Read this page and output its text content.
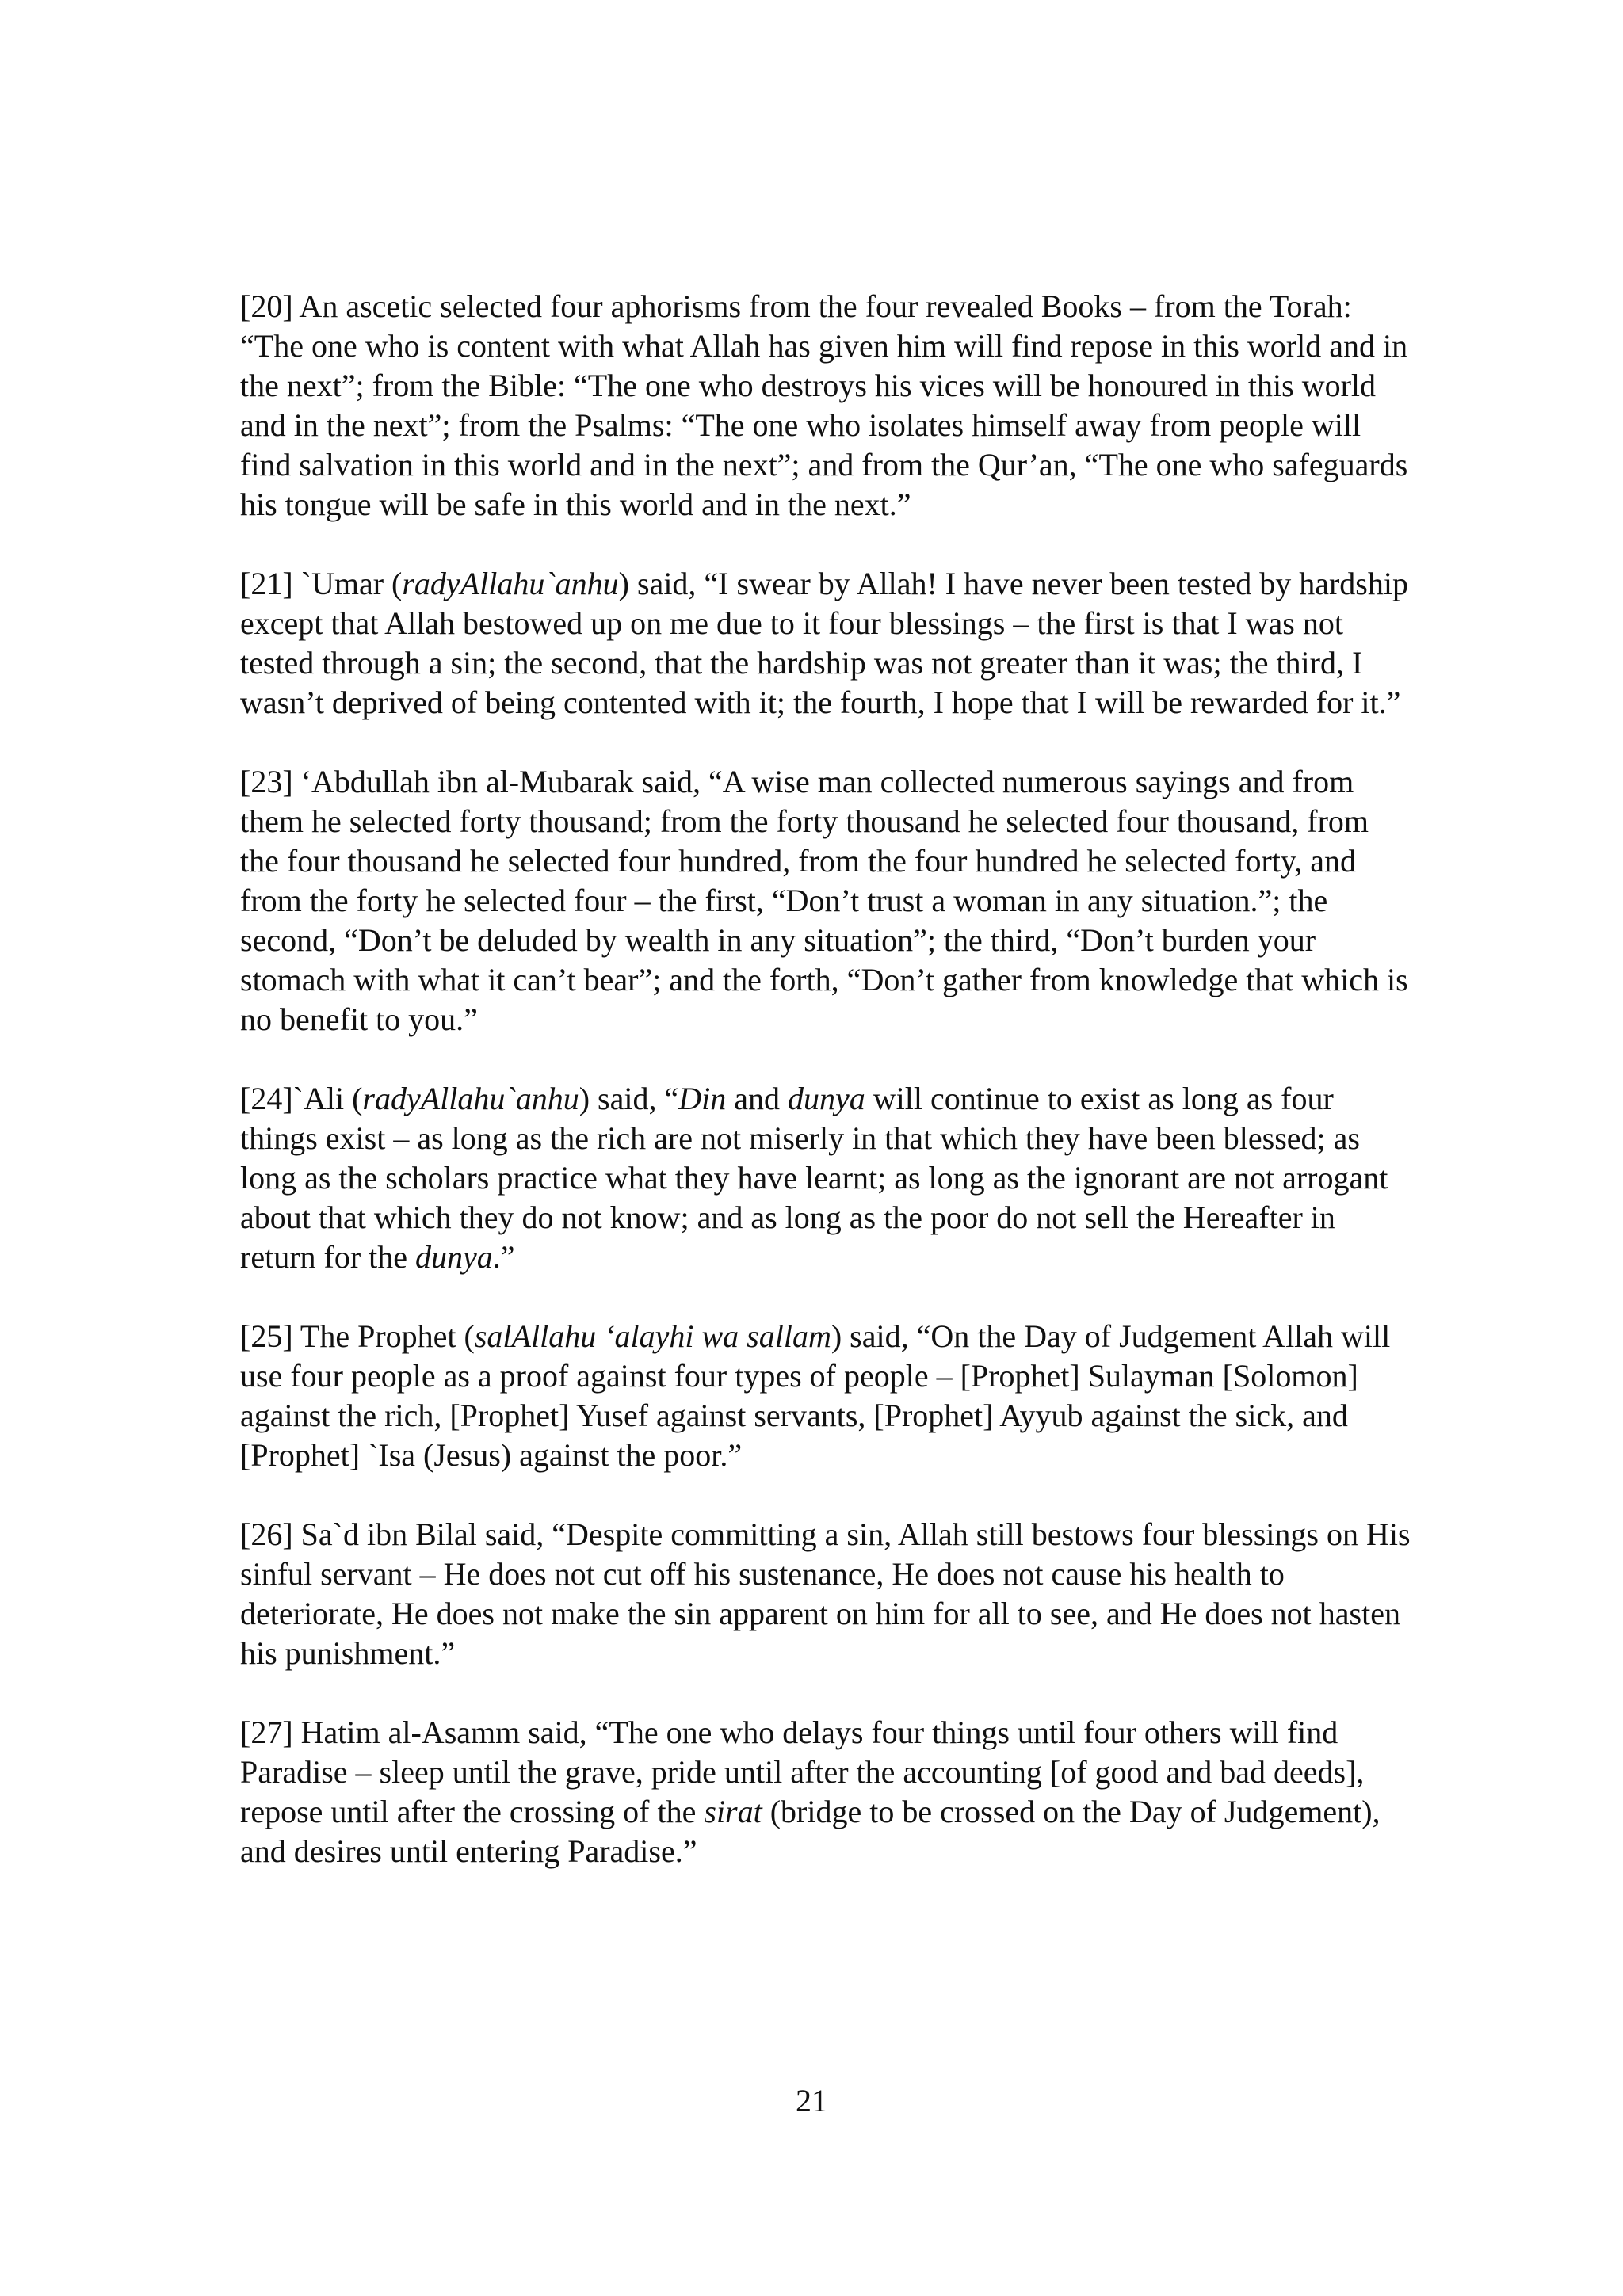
[20] An ascetic selected four aphorisms from the four revealed Books – from the Torah: “The one who is content with what Allah has given him will find repose in this world and in the next”; from the Bible: “The one who destroys his vices will be honoured in this world and in the next”; from the Psalms: “The one who isolates himself away from people will find salvation in this world and in the next”; and from the Qur’an, “The one who safeguards his tongue will be safe in this world and in the next.”

[21] `Umar (radyAllahu`anhu) said, “I swear by Allah! I have never been tested by hardship except that Allah bestowed up on me due to it four blessings – the first is that I was not tested through a sin; the second, that the hardship was not greater than it was; the third, I wasn’t deprived of being contented with it; the fourth, I hope that I will be rewarded for it.”

[23] ‘Abdullah ibn al-Mubarak said, “A wise man collected numerous sayings and from them he selected forty thousand; from the forty thousand he selected four thousand, from the four thousand he selected four hundred, from the four hundred he selected forty, and from the forty he selected four – the first, “Don’t trust a woman in any situation.”; the second, “Don’t be deluded by wealth in any situation”; the third, “Don’t burden your stomach with what it can’t bear”; and the forth, “Don’t gather from knowledge that which is no benefit to you.”

[24]`Ali (radyAllahu`anhu) said, “Din and dunya will continue to exist as long as four things exist – as long as the rich are not miserly in that which they have been blessed; as long as the scholars practice what they have learnt; as long as the ignorant are not arrogant about that which they do not know; and as long as the poor do not sell the Hereafter in return for the dunya.”

[25] The Prophet (salAllahu ‘alayhi wa sallam) said, “On the Day of Judgement Allah will use four people as a proof against four types of people – [Prophet] Sulayman [Solomon] against the rich, [Prophet] Yusef against servants, [Prophet] Ayyub against the sick, and [Prophet] `Isa (Jesus) against the poor.”

[26] Sa`d ibn Bilal said, “Despite committing a sin, Allah still bestows four blessings on His sinful servant – He does not cut off his sustenance, He does not cause his health to deteriorate, He does not make the sin apparent on him for all to see, and He does not hasten his punishment.”

[27] Hatim al-Asamm said, “The one who delays four things until four others will find Paradise – sleep until the grave, pride until after the accounting [of good and bad deeds], repose until after the crossing of the sirat (bridge to be crossed on the Day of Judgement), and desires until entering Paradise.”

21
